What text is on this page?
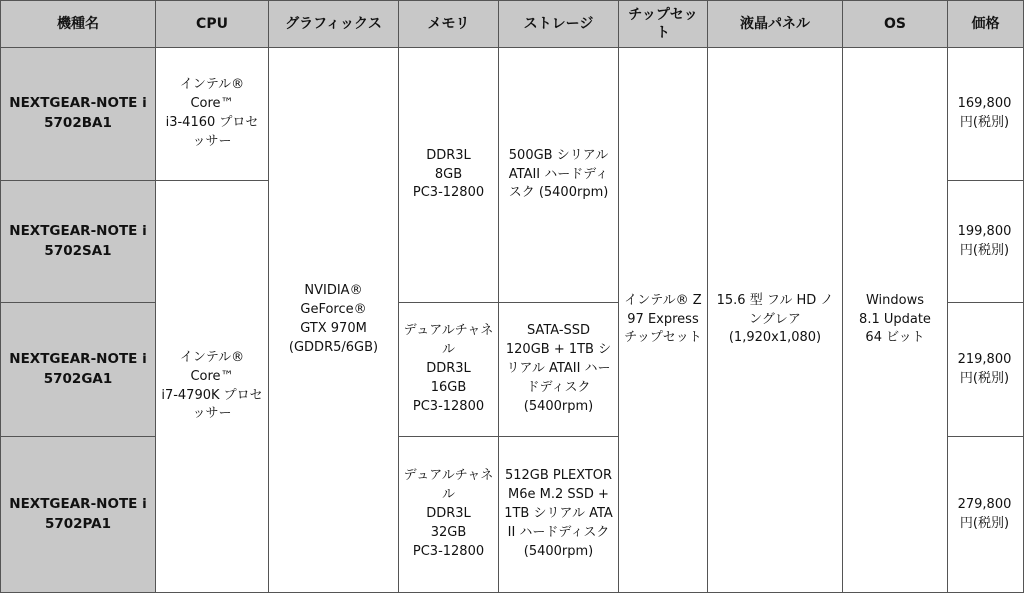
機種名	CPU	グラフィックス	メモリ	ストレージ	チップセット	液晶パネル	OS	価格
NEXTGEAR-NOTE i5702BA1	インテル®
Core™
i3-4160 プロセッサー	NVIDIA®
GeForce®
GTX 970M
(GDDR5/6GB)	DDR3L
8GB
PC3-12800	500GB シリアル ATAII ハードディスク (5400rpm)	インテル® Z97 Express チップセット	15.6 型 フル HD ノングレア
(1,920x1,080)	Windows
8.1 Update
64 ビット	169,800円(税別)
NEXTGEAR-NOTE i5702SA1	インテル®
Core™
i7-4790K プロセッサー							199,800円(税別)
NEXTGEAR-NOTE i5702GA1			デュアルチャネル
DDR3L
16GB
PC3-12800	SATA-SSD
120GB + 1TB シリアル ATAII ハードディスク
(5400rpm)				219,800円(税別)
NEXTGEAR-NOTE i5702PA1			デュアルチャネル
DDR3L
32GB
PC3-12800	512GB PLEXTOR M6e M.2 SSD + 1TB シリアル ATAII ハードディスク
(5400rpm)				279,800円(税別)
